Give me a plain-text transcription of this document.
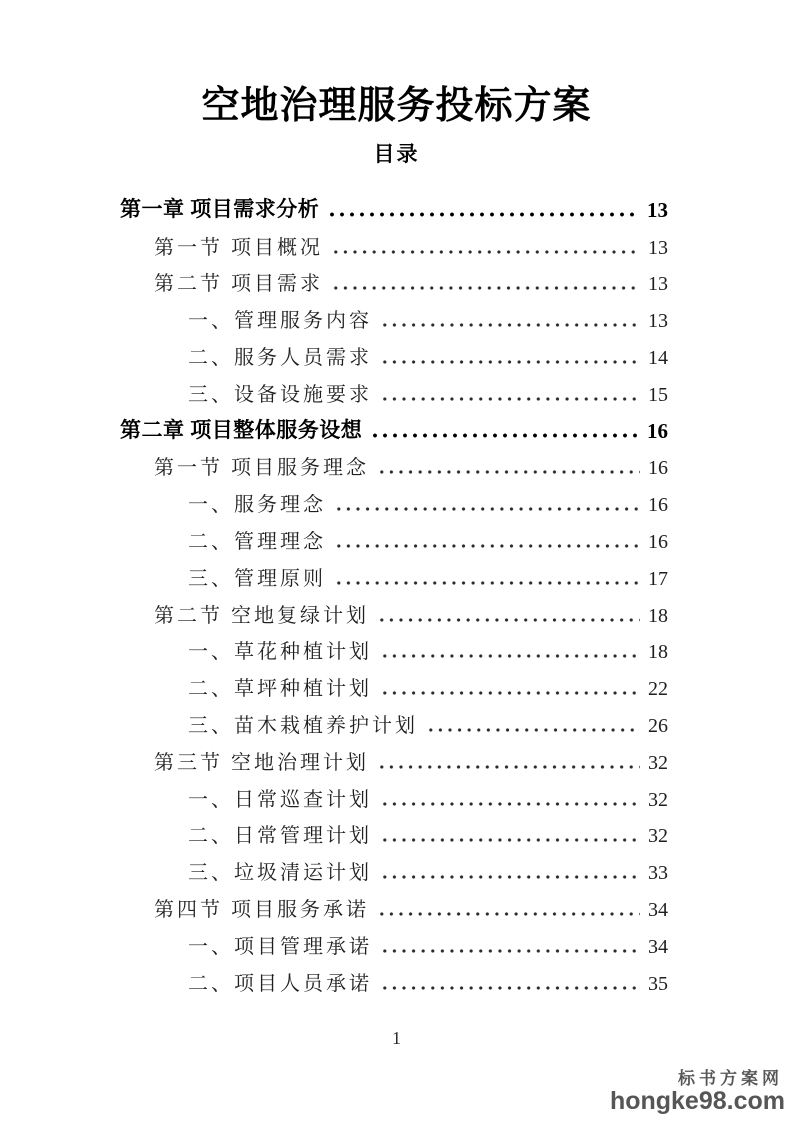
空地治理服务投标方案
目录
第一章 项目需求分析	13
第一节 项目概况	13
第二节 项目需求	13
一、管理服务内容	13
二、服务人员需求	14
三、设备设施要求	15
第二章 项目整体服务设想	16
第一节 项目服务理念	16
一、服务理念	16
二、管理理念	16
三、管理原则	17
第二节 空地复绿计划	18
一、草花种植计划	18
二、草坪种植计划	22
三、苗木栽植养护计划	26
第三节 空地治理计划	32
一、日常巡查计划	32
二、日常管理计划	32
三、垃圾清运计划	33
第四节 项目服务承诺	34
一、项目管理承诺	34
二、项目人员承诺	35
1
标书方案网
hongke98.com
